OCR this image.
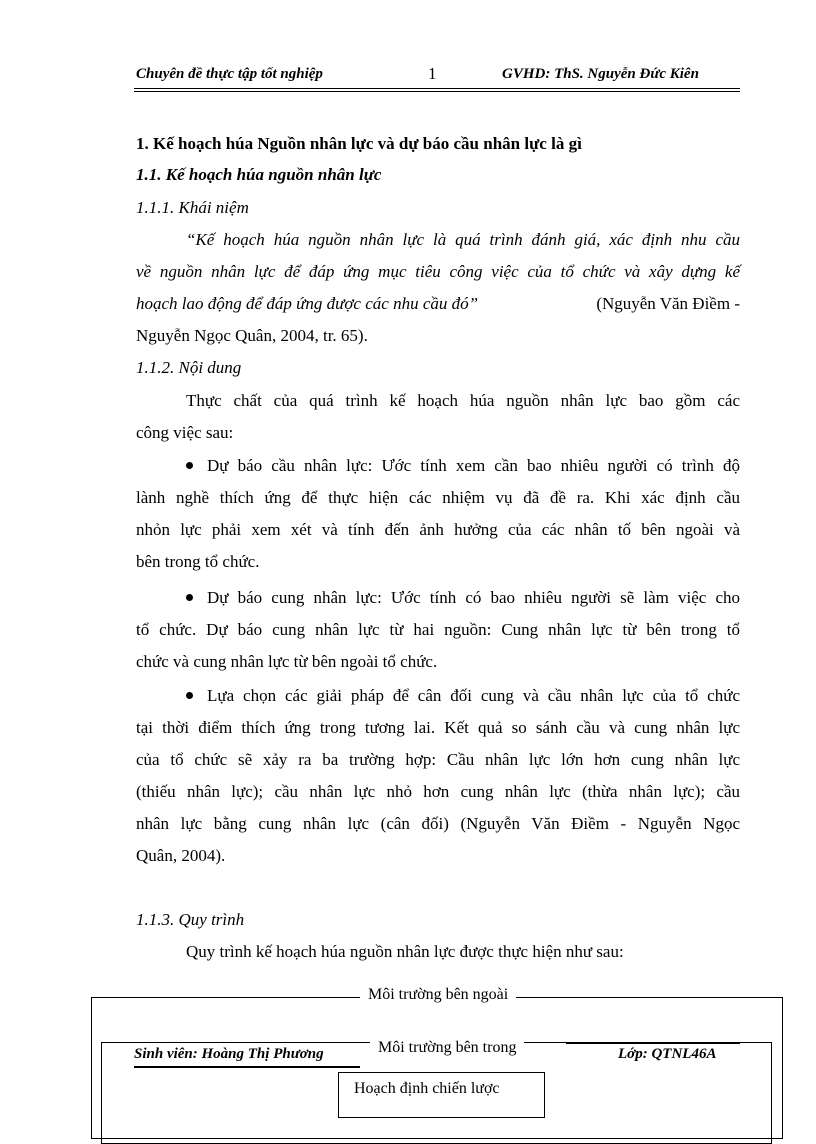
Chuyên đề thực tập tốt nghiệp	1	GVHD: ThS. Nguyễn Đức Kiên
1. Kế hoạch húa Nguồn nhân lực và dự báo cầu nhân lực là gì
1.1. Kế hoạch húa nguồn nhân lực
1.1.1. Khái niệm
“Kế hoạch húa nguồn nhân lực là quá trình đánh giá, xác định nhu cầu
về nguồn nhân lực để đáp ứng mục tiêu công việc của tổ chức và xây dựng kế
hoạch lao động để đáp ứng được các nhu cầu đó”	(Nguyễn Văn Điềm -
Nguyễn Ngọc Quân, 2004, tr. 65).
1.1.2. Nội dung
Thực chất của quá trình kế hoạch húa nguồn nhân lực bao gồm các
công việc sau:
Dự báo cầu nhân lực: Ước tính xem cần bao nhiêu người có trình độ
lành nghề thích ứng để thực hiện các nhiệm vụ đã đề ra. Khi xác định cầu
nhỏn lực phải xem xét và tính đến ảnh hưởng của các nhân tố bên ngoài và
bên trong tổ chức.
Dự báo cung nhân lực: Ước tính có bao nhiêu người sẽ làm việc cho
tổ chức. Dự báo cung nhân lực từ hai nguồn: Cung nhân lực từ bên trong tổ
chức và cung nhân lực từ bên ngoài tổ chức.
Lựa chọn các giải pháp để cân đối cung và cầu nhân lực của tổ chức
tại thời điểm thích ứng trong tương lai. Kết quả so sánh cầu và cung nhân lực
của tổ chức sẽ xảy ra ba trường hợp: Cầu nhân lực lớn hơn cung nhân lực
(thiếu nhân lực); cầu nhân lực nhỏ hơn cung nhân lực (thừa nhân lực); cầu
nhân lực bằng cung nhân lực (cân đối) (Nguyễn Văn Điềm - Nguyễn Ngọc
Quân, 2004).
1.1.3. Quy trình
Quy trình kế hoạch húa nguồn nhân lực được thực hiện như sau:
Môi trường bên ngoài
Môi trường bên trong
Hoạch định chiến lược
Sinh viên: Hoàng Thị Phương	Lớp: QTNL46A
